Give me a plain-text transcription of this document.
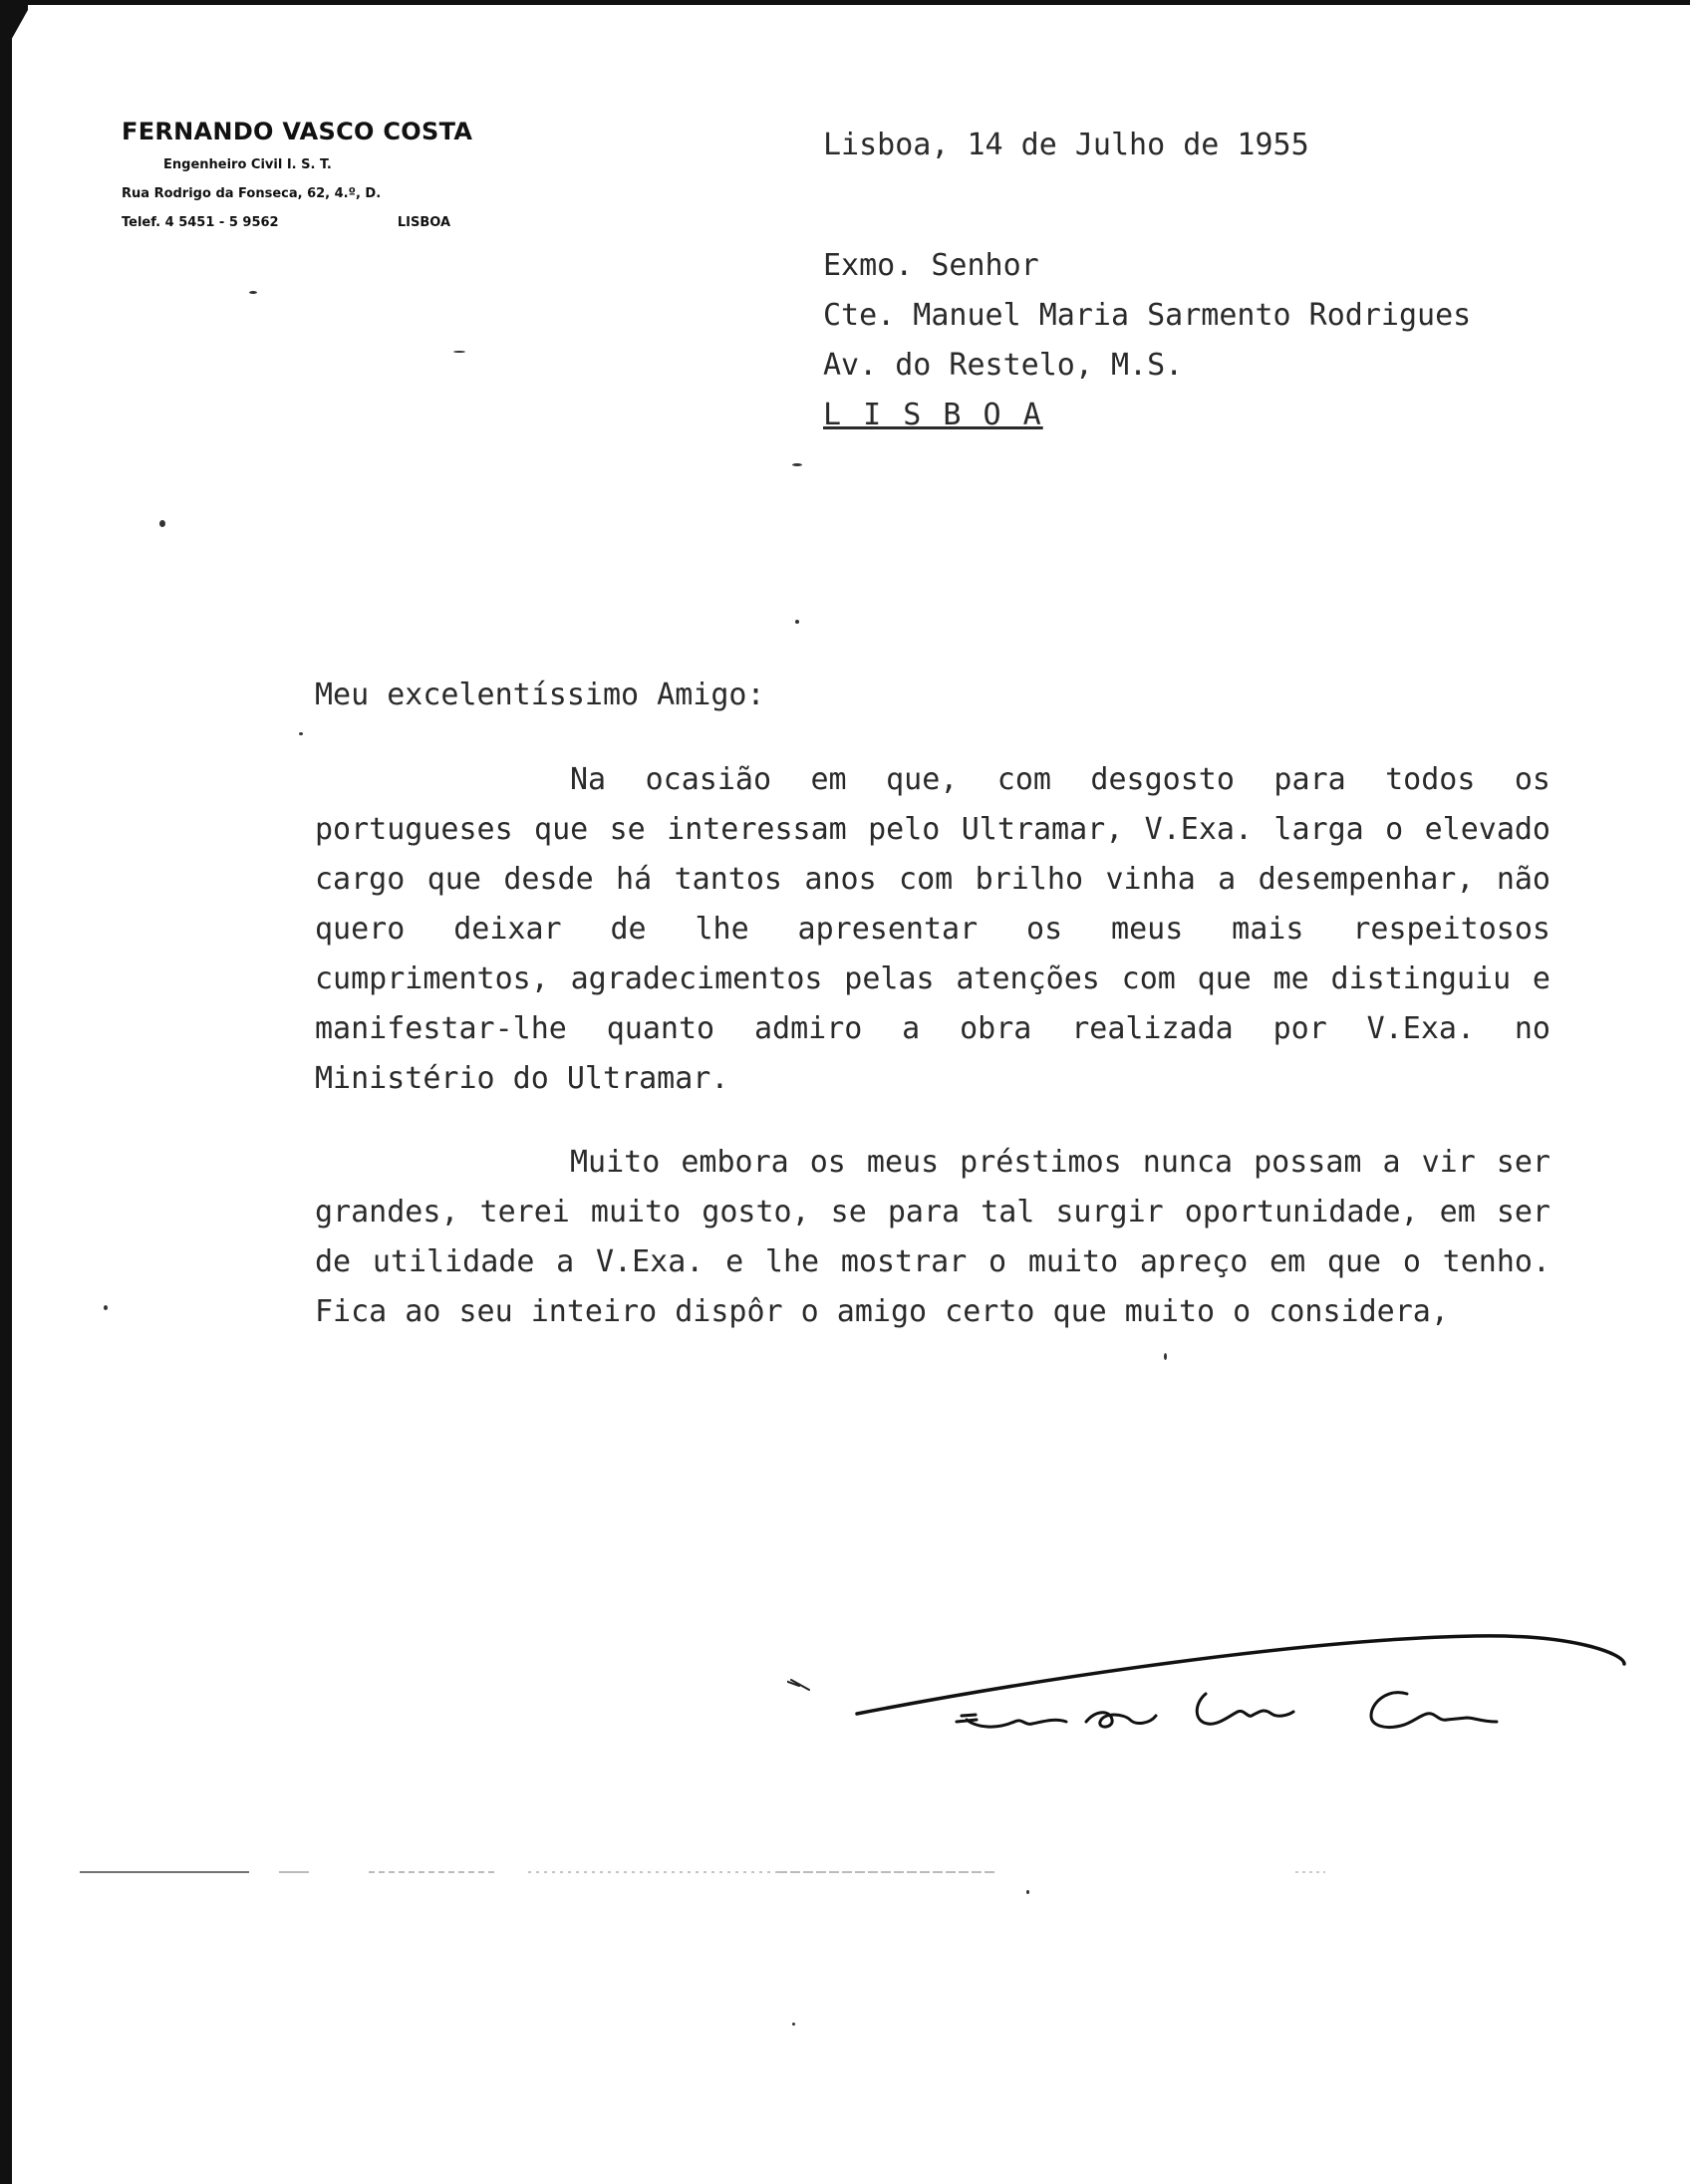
FERNANDO VASCO COSTA
Engenheiro Civil I. S. T.
Rua Rodrigo da Fonseca, 62, 4.º, D.
Telef. 4 5451 - 5 9562	LISBOA
Lisboa, 14 de Julho de 1955
Exmo. Senhor
Cte. Manuel Maria Sarmento Rodrigues
Av. do Restelo, M.S.
L I S B O A
Meu excelentíssimo Amigo:

Na ocasião em que, com desgosto para todos os portugueses que se interessam pelo Ultramar, V.Exa. larga o elevado cargo que desde há tantos anos com brilho vinha a desempenhar, não quero deixar de lhe apresentar os meus mais respeitosos cumprimentos, agradecimentos pelas atenções com que me distinguiu e manifestar-lhe quanto admiro a obra realizada por V.Exa. no Ministério do Ultramar.

Muito embora os meus préstimos nunca possam a vir ser grandes, terei muito gosto, se para tal surgir oportunidade, em ser de utilidade a V.Exa. e lhe mostrar o muito apreço em que o tenho. Fica ao seu inteiro dispôr o amigo certo que muito o considera,
